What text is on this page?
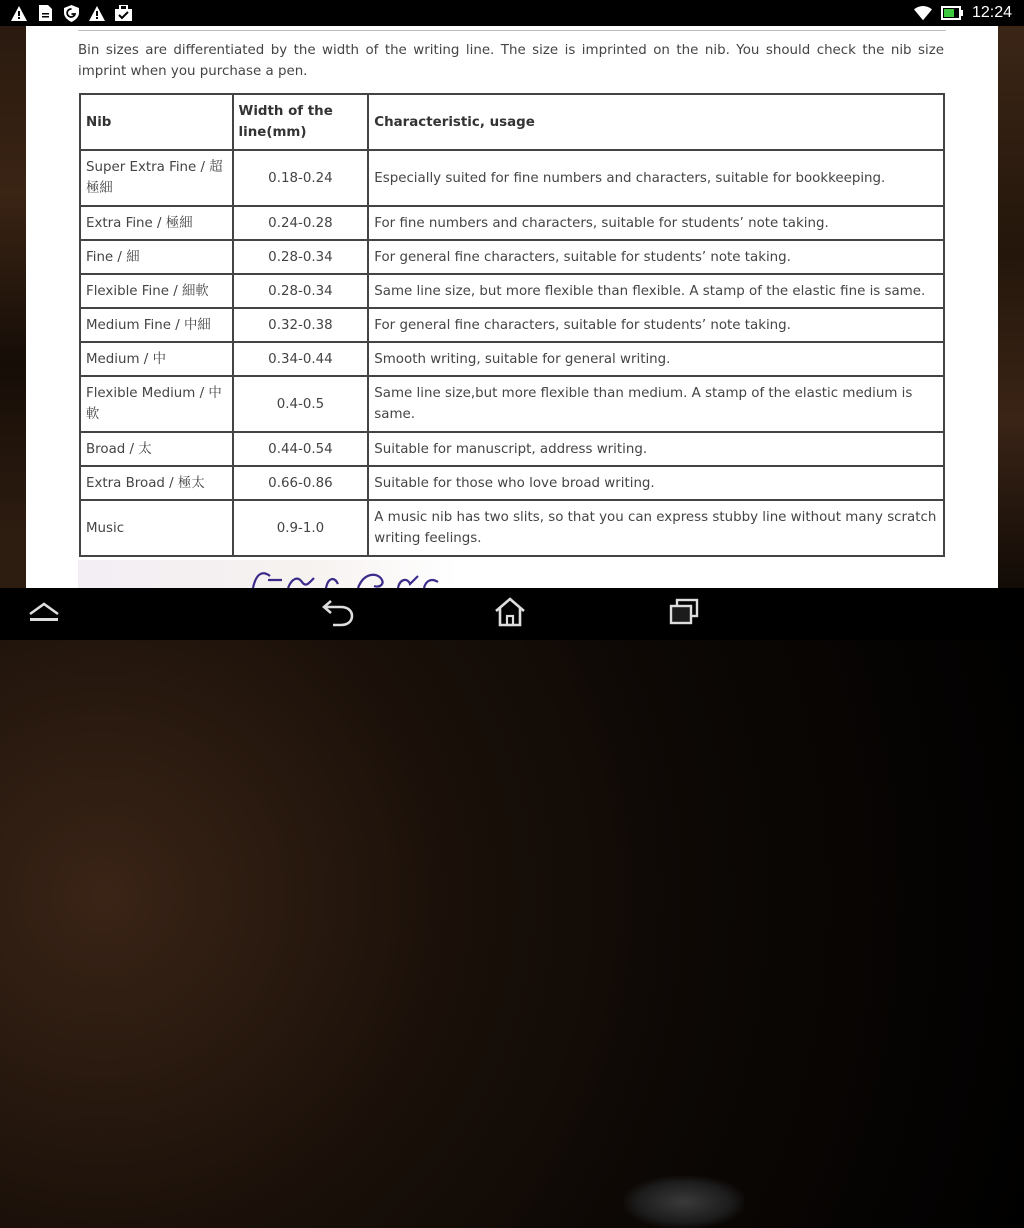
12:24

Bin sizes are differentiated by the width of the writing line. The size is imprinted on the nib. You should check the nib size imprint when you purchase a pen.

Nib	Width of the line(mm)	Characteristic, usage
Super Extra Fine / 超極細	0.18-0.24	Especially suited for fine numbers and characters, suitable for bookkeeping.
Extra Fine / 極細	0.24-0.28	For fine numbers and characters, suitable for students’ note taking.
Fine / 細	0.28-0.34	For general fine characters, suitable for students’ note taking.
Flexible Fine / 細軟	0.28-0.34	Same line size, but more flexible than flexible. A stamp of the elastic fine is same.
Medium Fine / 中細	0.32-0.38	For general fine characters, suitable for students’ note taking.
Medium / 中	0.34-0.44	Smooth writing, suitable for general writing.
Flexible Medium / 中軟	0.4-0.5	Same line size,but more flexible than medium. A stamp of the elastic medium is same.
Broad / 太	0.44-0.54	Suitable for manuscript, address writing.
Extra Broad / 極太	0.66-0.86	Suitable for those who love broad writing.
Music	0.9-1.0	A music nib has two slits, so that you can express stubby line without many scratch writing feelings.
